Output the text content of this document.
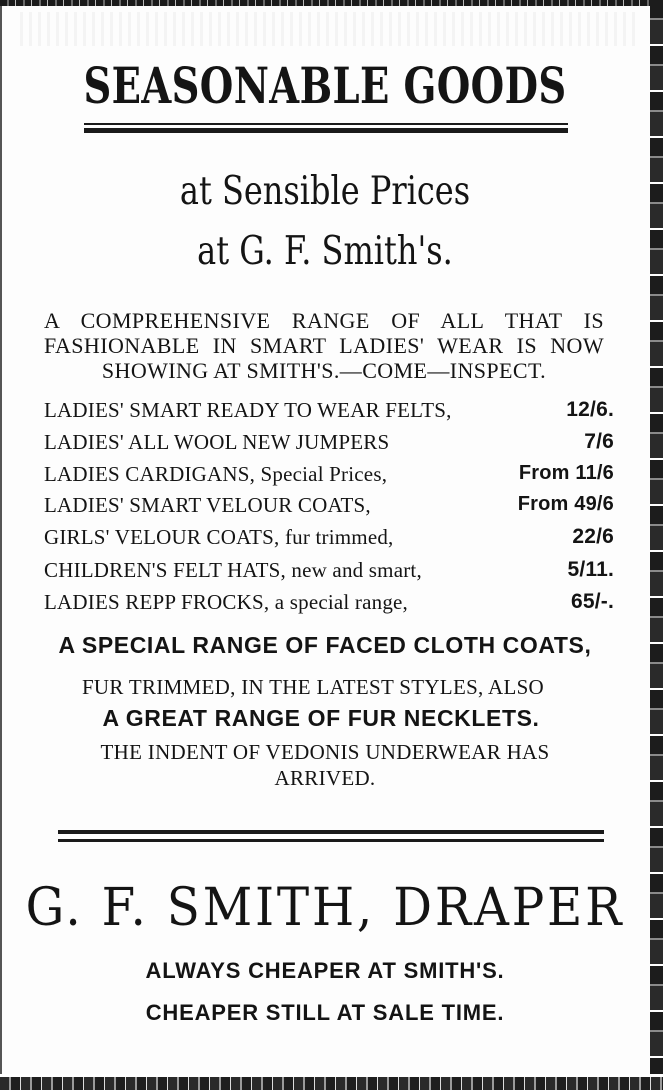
SEASONABLE GOODS
at Sensible Prices
at G. F. Smith's.
A COMPREHENSIVE RANGE OF ALL THAT IS
FASHIONABLE IN SMART LADIES' WEAR IS NOW
SHOWING AT SMITH'S.—COME—INSPECT.
LADIES' SMART READY TO WEAR FELTS,	12/6.
LADIES' ALL WOOL NEW JUMPERS	7/6
LADIES CARDIGANS, Special Prices,	From 11/6
LADIES' SMART VELOUR COATS,	From 49/6
GIRLS' VELOUR COATS, fur trimmed,	22/6
CHILDREN'S FELT HATS, new and smart,	5/11.
LADIES REPP FROCKS, a special range,	65/-.
A SPECIAL RANGE OF FACED CLOTH COATS,
FUR TRIMMED, IN THE LATEST STYLES, ALSO
A GREAT RANGE OF FUR NECKLETS.
THE INDENT OF VEDONIS UNDERWEAR HAS
ARRIVED.
G. F. SMITH, DRAPER
ALWAYS CHEAPER AT SMITH'S.
CHEAPER STILL AT SALE TIME.
